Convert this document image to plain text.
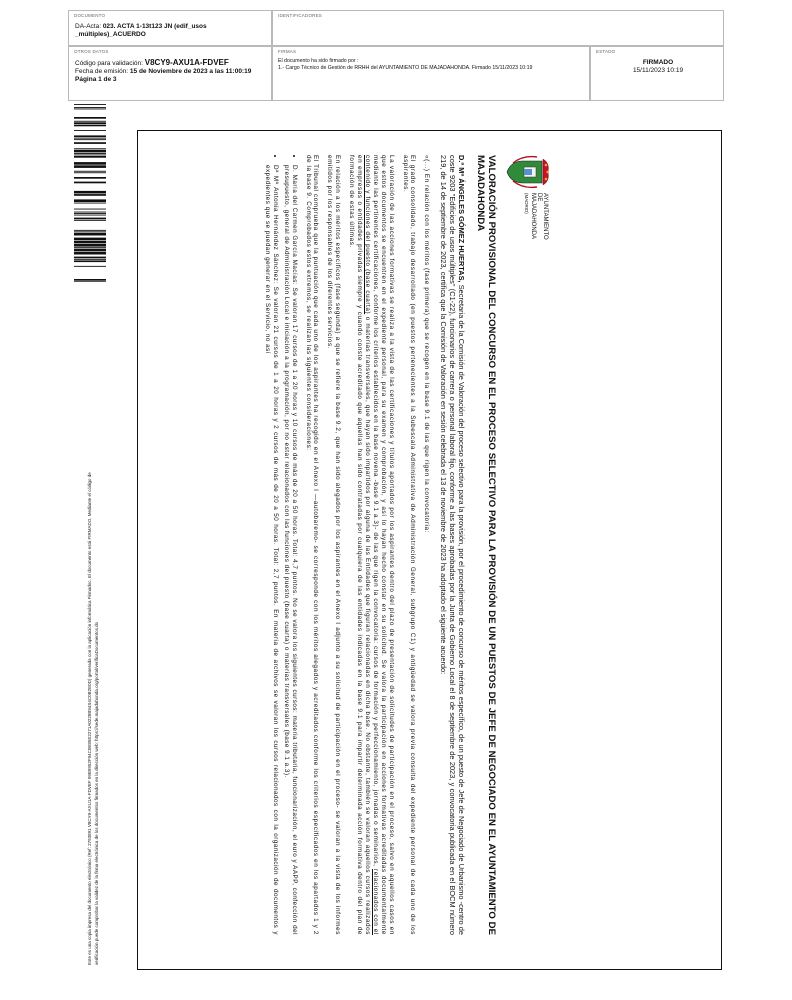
DOCUMENTO
DA-Acta: 023. ACTA 1-13t123 JN (edif_usos _múltiples)_ACUERDO
IDENTIFICADORES
OTROS DATOS
Código para validación: V8CY9-AXU1A-FDVEF
Fecha de emisión: 15 de Noviembre de 2023 a las 11:00:19
Página 1 de 3
FIRMAS
El documento ha sido firmado por :
1.- Cargo Técnico de Gestión de RRHH del AYUNTAMIENTO DE MAJADAHONDA. Firmado 15/11/2023 10:19
ESTADO
FIRMADO
15/11/2023 10:19
Este es una copia impresa del documento electrónico (Ref: 2793891 V8CY9-AXU1A-FDVEF 09B9952F94C0E85E2271A0228B94S4C0B2E0D) generada con la aplicación informática Firmadoc. El documento está FIRMADO. Mediante el código de verificación puede comprobar la validez de la firma electrónica de los documentos firmados en la dirección web: https://sede.majadahonda.org/portal/verificaDocumentos.do
AYUNTAMIENTO
DE
MAJADAHONDA
(MADRID)
VALORACIÓN PROVISIONAL DEL CONCURSO EN EL PROCESO SELECTIVO PARA LA PROVISIÓN DE UN PUESTOS DE JEFE DE NEGOCIADO EN EL AYUNTAMIENTO DE MAJADAHONDA

D.ª Mª ÁNGELES GÓMEZ HUERTAS, Secretaria de la Comisión de Valoración del proceso selectivo para la provisión, por el procedimiento de concurso de méritos específico, de un puesto de Jefe de Negociado de Urbanismo -centro de coste 9203 "Edificios de usos múltiples" (C1-22), funcionarios de carrera o personal laboral fijo, conforme a las bases aprobadas por la Junta de Gobierno Local el 8 de septiembre de 2023, y convocatoria publicada en el BOCM número 219, de 14 de septiembre de 2023, certifica que la Comisión de Valoración en sesión celebrada el 13 de noviembre de 2023 ha adoptado el siguiente acuerdo:

«(...) En relación con los méritos (fase primera) que se recogen en la base 9.1 de las que rigen la convocatoria:

El grado consolidado, trabajo desarrollado (en puestos pertenecientes a la Subescala Administrativa de Administración General, subgrupo C1) y antigüedad se valora previa consulta del expediente personal de cada uno de los aspirantes.

La valoración de las acciones formativas se realiza a la vista de las certificaciones y títulos aportados por los aspirantes dentro del plazo de presentación de solicitudes de participación en el proceso, salvo en aquellos casos en que estos documentos se encuentren en el expediente personal, para su examen y comprobación, y así lo hayan hecho constar en su solicitud. Se valora la participación en acciones formativas acreditadas documentalmente mediante las pertinentes certificaciones, conforme los criterios establecidos en la base novena -base 9.1 a.3)- de las que rigen la convocatoria: cursos de formación y perfeccionamiento, jornadas o seminarios, relacionados con el contenido y funciones del puesto (base cuarta) o materias transversales, que hayan sido impartidos por alguna de las Entidades que figuran relacionadas en dicha base. No obstante, también se valoran aquellos cursos realizados en empresas o entidades privadas siempre y cuando conste acreditado que aquellas han sido contratadas por cualquiera de las entidades indicadas en la base 9.1 para impartir determinada acción formativa dentro del plan de formación de estas últimas.

En relación a los méritos específicos (fase segunda) a que se refiere la base 9.2, que han sido alegados por los aspirantes en el Anexo I adjunto a su solicitud de participación en el proceso- se valoran a la vista de los informes emitidos por los responsables de los diferentes servicios.

El Tribunal comprueba que la puntuación que cada uno de los aspirantes ha recogido en el Anexo I —autobaremo- se corresponde con los méritos alegados y acreditados conforme los criterios especificados en los apartados 1 y 2 de la base 9. Comprobados estos extremos, se realizan las siguientes consideraciones:

• D. María del Carmen García Macías: Se valoran 17 cursos de 1 a 20 horas y 10 cursos de más de 20 a 50 horas. Total: 4,7 puntos. No se valora los siguientes cursos: materia tributaria, funcionarización, el euro y AAPP, confección del presupuesto, general de Administración Local e iniciación a la programación, por no estar relacionados con las funciones del puesto (base cuarta) o materias transversales (base 9.1 a.3).
• Dª Mª Antonia Hernández Sánchez: Se valoran 21 cursos de 1 a 20 horas y 2 cursos de más de 20 a 50 horas. Total: 2,7 puntos. En materia de archivos se valoran los cursos relacionados con la organización de documentos y expedientes que se puedan generar en el Servicio, no así
